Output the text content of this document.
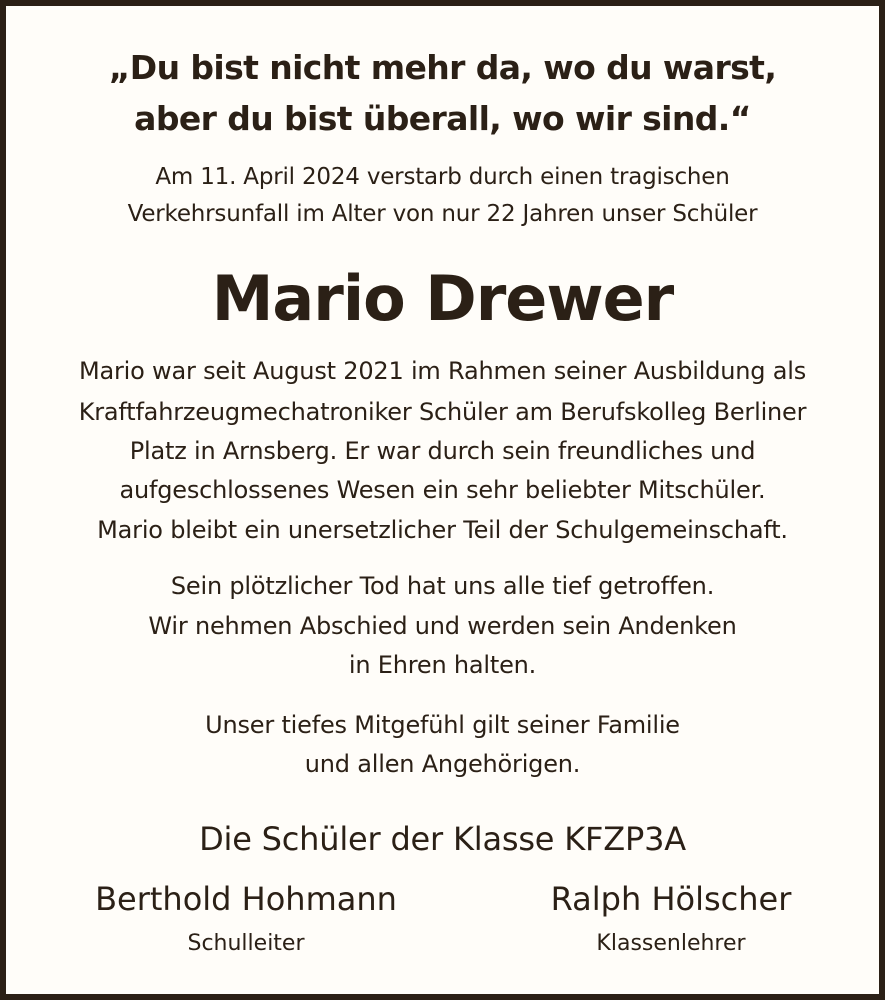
„Du bist nicht mehr da, wo du warst,
aber du bist überall, wo wir sind.“
Am 11. April 2024 verstarb durch einen tragischen
Verkehrsunfall im Alter von nur 22 Jahren unser Schüler
Mario Drewer
Mario war seit August 2021 im Rahmen seiner Ausbildung als
Kraftfahrzeugmechatroniker Schüler am Berufskolleg Berliner
Platz in Arnsberg. Er war durch sein freundliches und
aufgeschlossenes Wesen ein sehr beliebter Mitschüler.
Mario bleibt ein unersetzlicher Teil der Schulgemeinschaft.
Sein plötzlicher Tod hat uns alle tief getroffen.
Wir nehmen Abschied und werden sein Andenken
in Ehren halten.
Unser tiefes Mitgefühl gilt seiner Familie
und allen Angehörigen.
Die Schüler der Klasse KFZP3A
Berthold Hohmann
Schulleiter
Ralph Hölscher
Klassenlehrer
